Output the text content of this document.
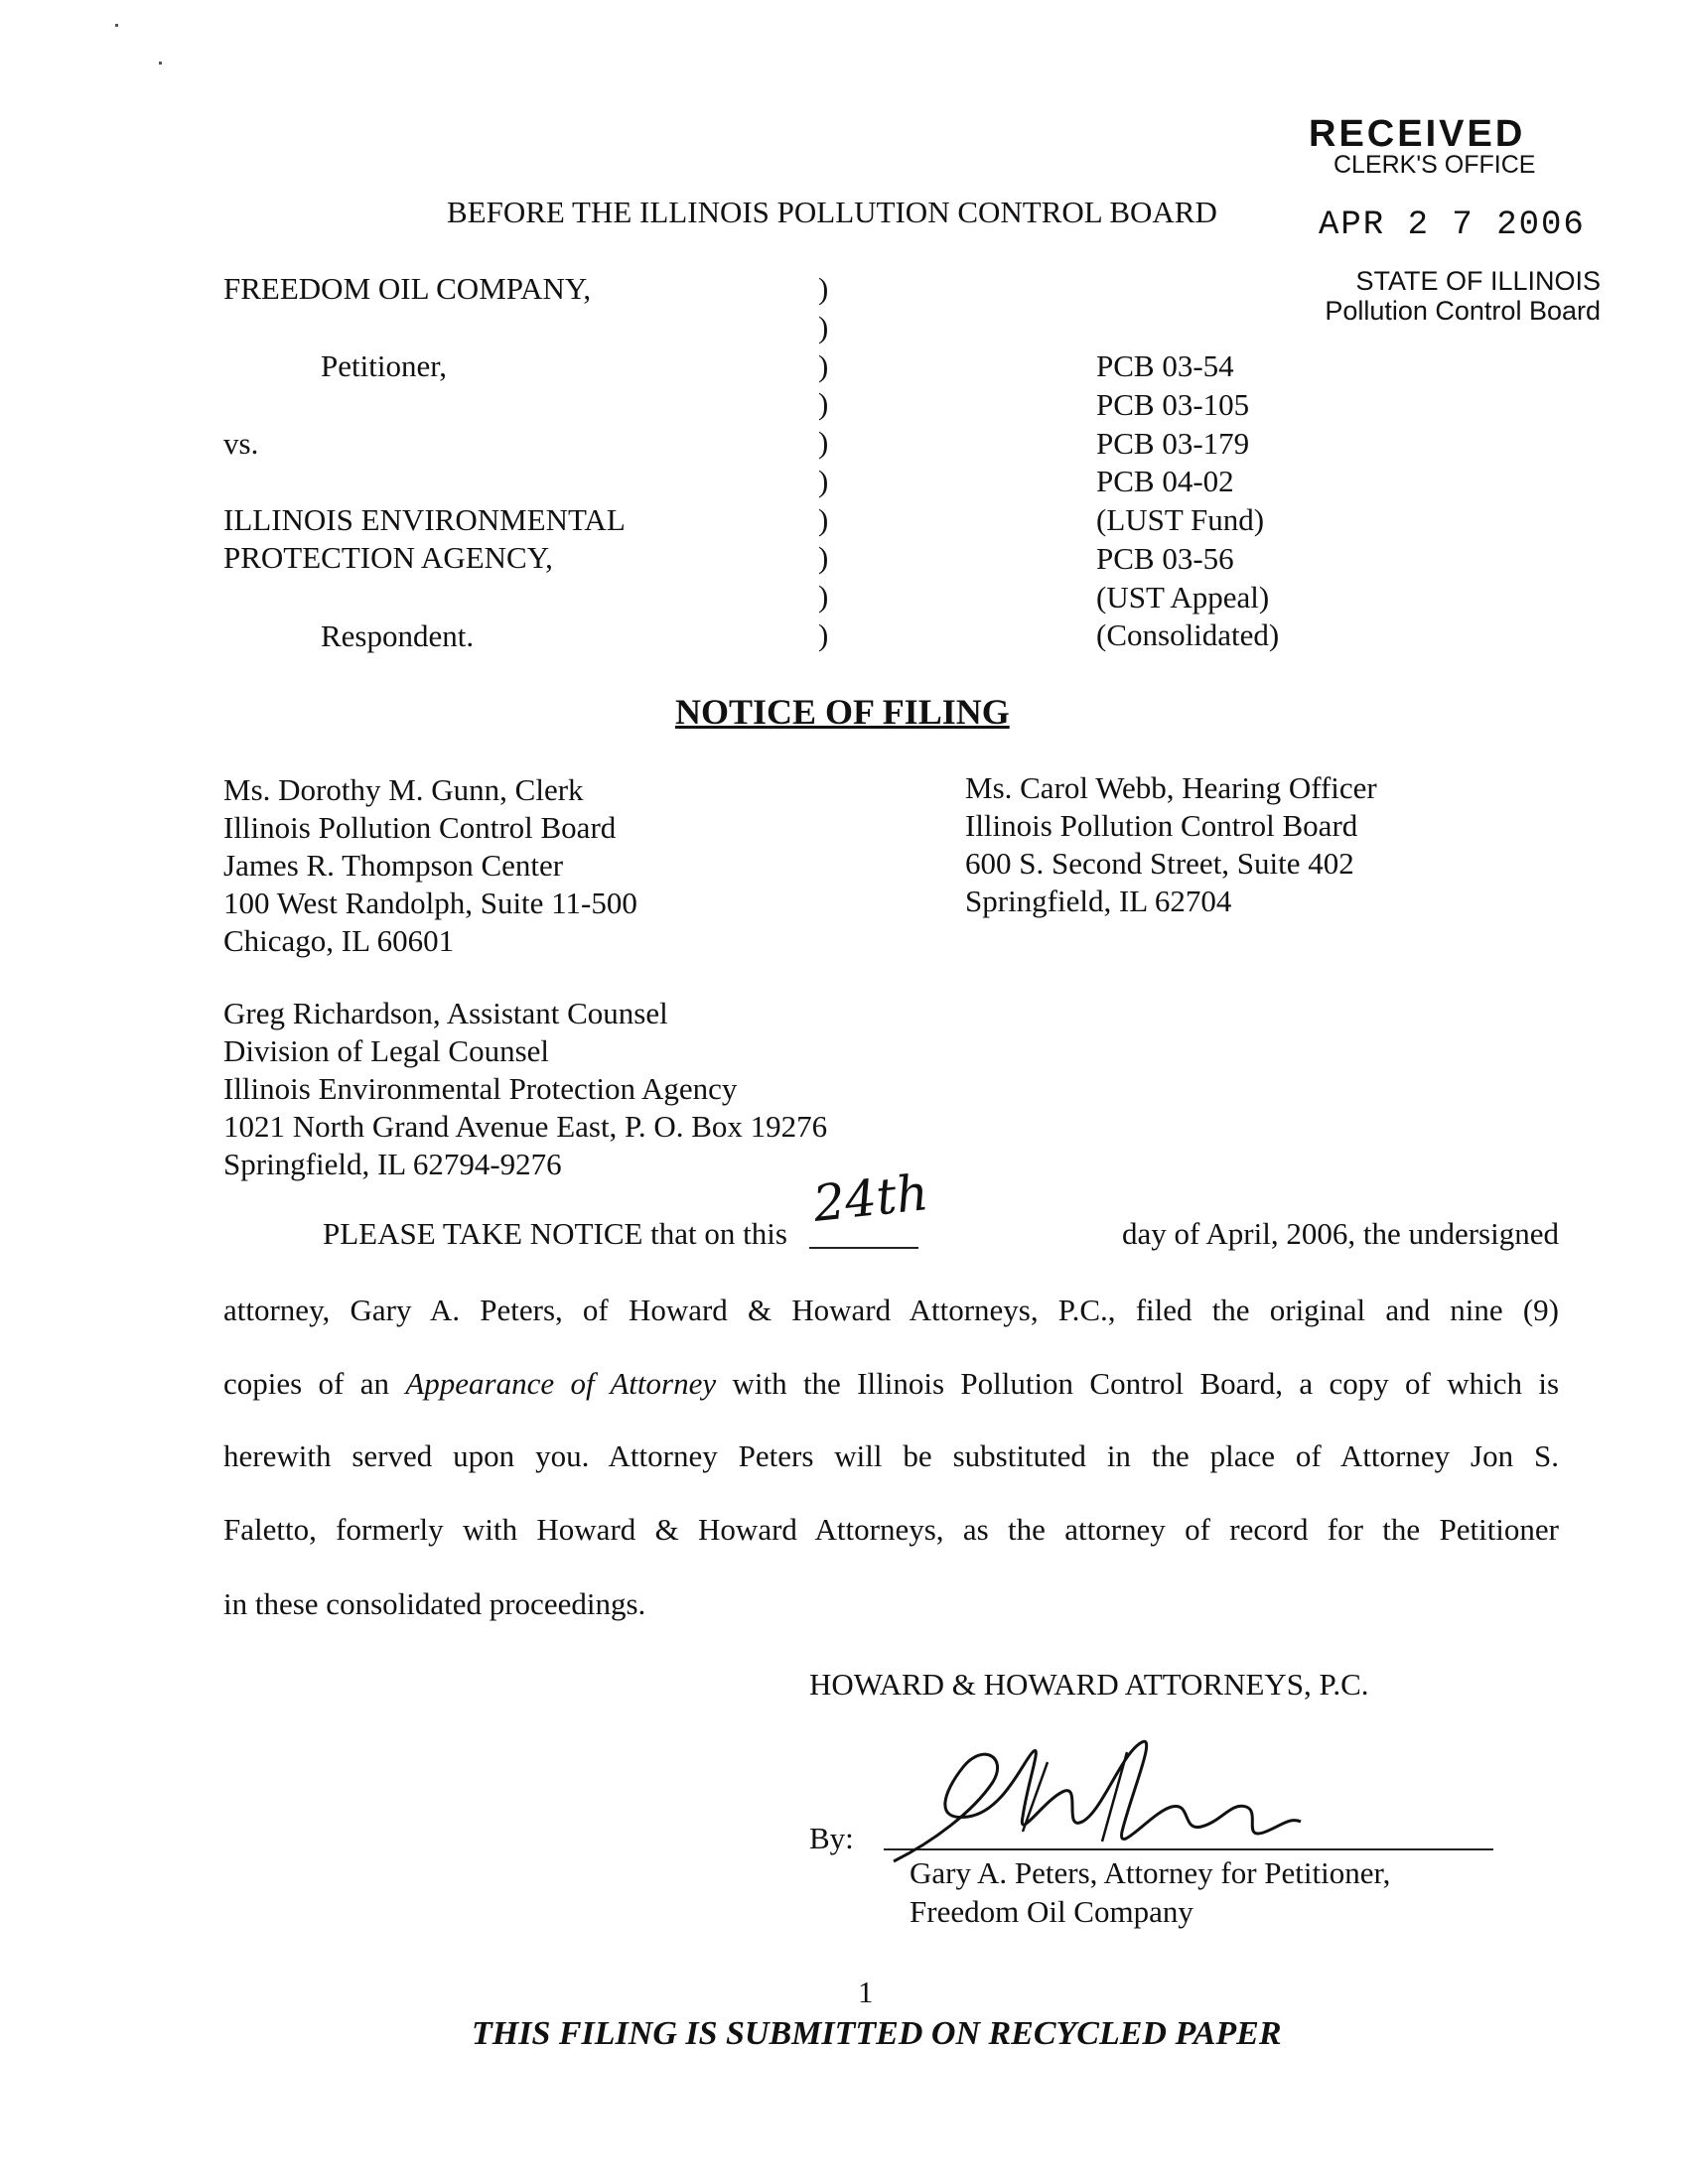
RECEIVED
CLERK'S OFFICE
APR 2 7 2006
STATE OF ILLINOIS
Pollution Control Board
BEFORE THE ILLINOIS POLLUTION CONTROL BOARD
FREEDOM OIL COMPANY,
Petitioner,
vs.
ILLINOIS ENVIRONMENTAL
PROTECTION AGENCY,
Respondent.
)
)
)
)
)
)
)
)
)
)
PCB 03-54
PCB 03-105
PCB 03-179
PCB 04-02
(LUST Fund)
PCB 03-56
(UST Appeal)
(Consolidated)
NOTICE OF FILING
Ms. Dorothy M. Gunn, Clerk
Illinois Pollution Control Board
James R. Thompson Center
100 West Randolph, Suite 11-500
Chicago, IL 60601
Ms. Carol Webb, Hearing Officer
Illinois Pollution Control Board
600 S. Second Street, Suite 402
Springfield, IL 62704
Greg Richardson, Assistant Counsel
Division of Legal Counsel
Illinois Environmental Protection Agency
1021 North Grand Avenue East, P. O. Box 19276
Springfield, IL 62794-9276
PLEASE TAKE NOTICE that on this
24th
day of April, 2006, the undersigned
attorney, Gary A. Peters, of Howard & Howard Attorneys, P.C., filed the original and nine (9)
copies of an Appearance of Attorney with the Illinois Pollution Control Board, a copy of which is
herewith served upon you. Attorney Peters will be substituted in the place of Attorney Jon S.
Faletto, formerly with Howard & Howard Attorneys, as the attorney of record for the Petitioner
in these consolidated proceedings.
HOWARD & HOWARD ATTORNEYS, P.C.
By:
Gary A. Peters, Attorney for Petitioner,
Freedom Oil Company
1
THIS FILING IS SUBMITTED ON RECYCLED PAPER
